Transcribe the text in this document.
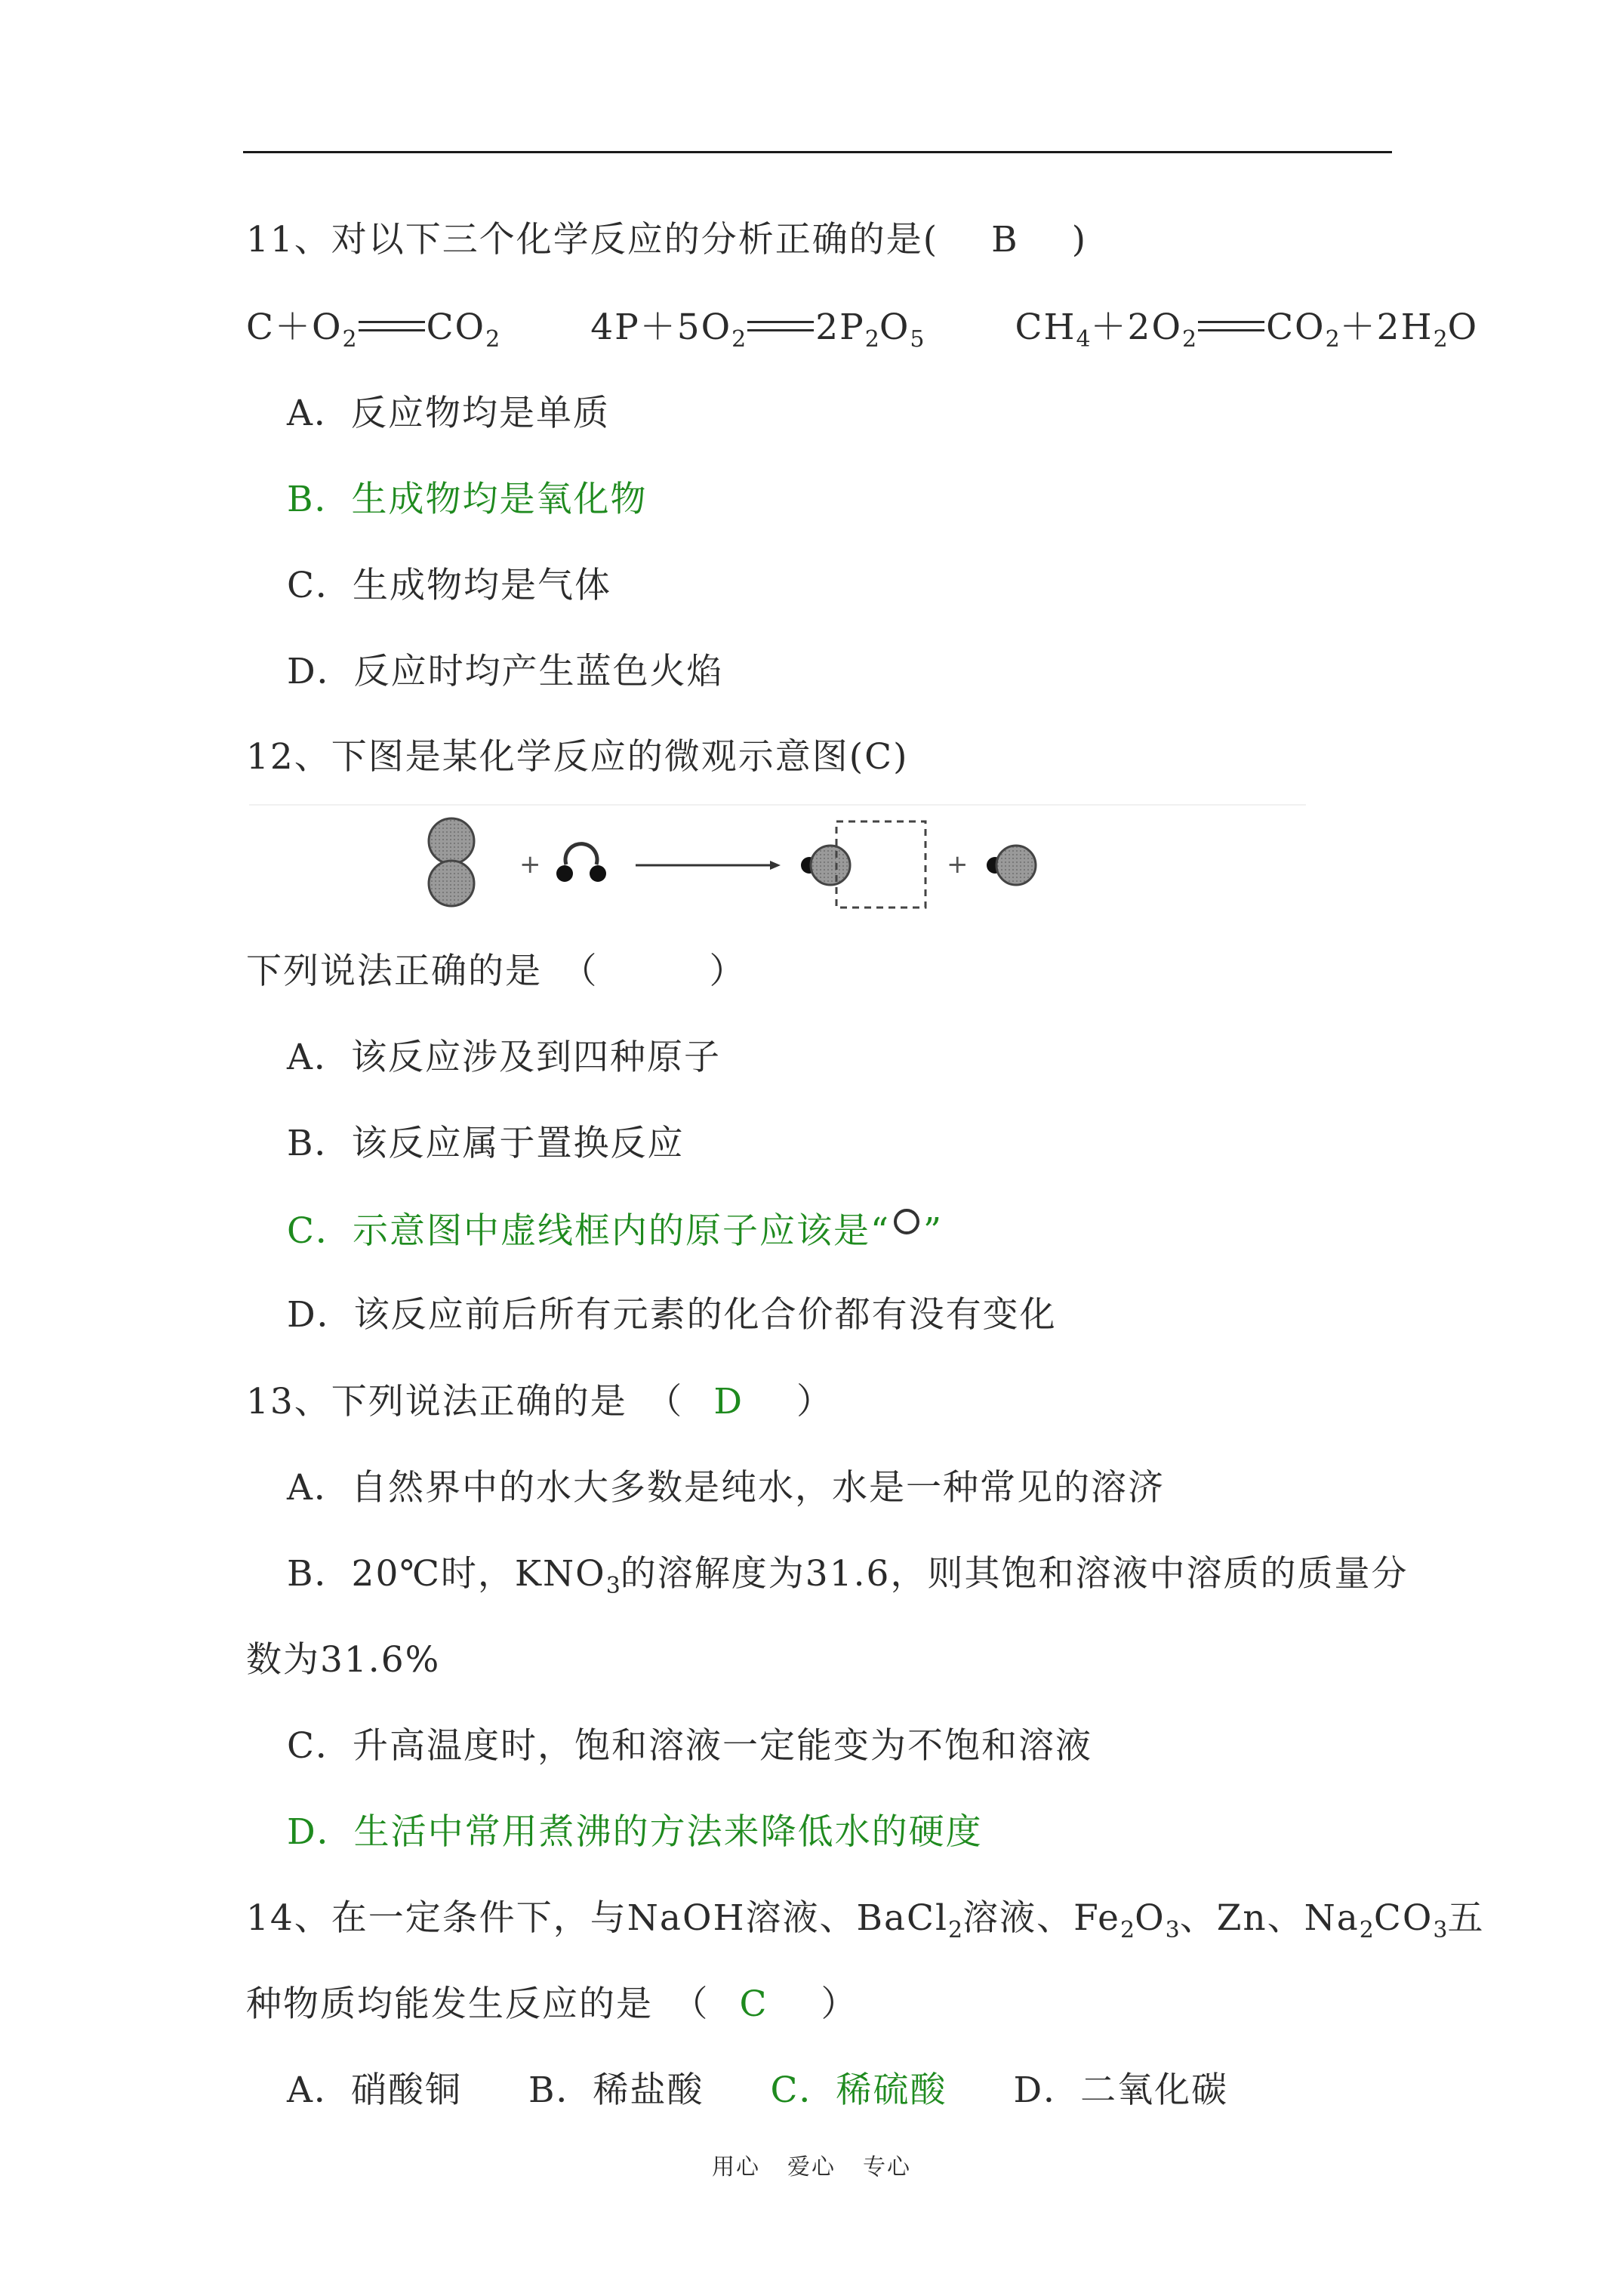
11、对以下三个化学反应的分析正确的是( B )
$C+O_2$ $CO_2$	$4P+5O_2$ $2P_2O_5$	$CH_4+2O_2$ $CO_2+2H_2O$
A．反应物均是单质
B．生成物均是氧化物
C．生成物均是气体
D．反应时均产生蓝色火焰
12、下图是某化学反应的微观示意图(C)
+	+
下列说法正确的是　（　　　）
A．该反应涉及到四种原子
B．该反应属于置换反应
C．示意图中虚线框内的原子应该是“ ”
D．该反应前后所有元素的化合价都有没有变化
13、下列说法正确的是　（ D ）
A．自然界中的水大多数是纯水，水是一种常见的溶济
B．20℃时，$KNO_3$的溶解度为31.6，则其饱和溶液中溶质的质量分
数为31.6%
C．升高温度时，饱和溶液一定能变为不饱和溶液
D．生活中常用煮沸的方法来降低水的硬度
14、在一定条件下，与NaOH溶液、BaCl$_2$溶液、$Fe_2O_3$、Zn、$Na_2CO_3$五
种物质均能发生反应的是　（ C ）
A．硝酸铜 B．稀盐酸 C．稀硫酸 D．二氧化碳
用心 爱心 专心
